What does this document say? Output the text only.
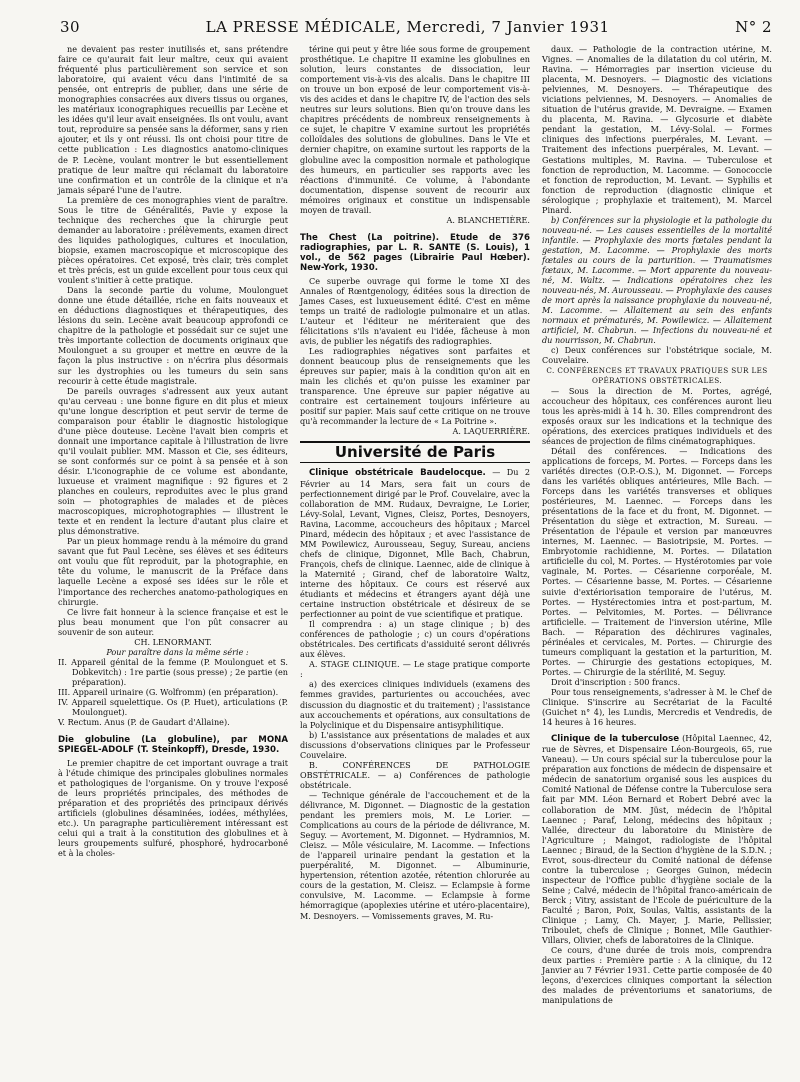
30	LA PRESSE MÉDICALE, Mercredi, 7 Janvier 1931	N° 2

ne devaient pas rester inutilisés et, sans prétendre faire ce qu'aurait fait leur maître, ceux qui avaient fréquenté plus particulièrement son service et son laboratoire, qui avaient vécu dans l'intimité de sa pensée, ont entrepris de publier, dans une série de monographies consacrées aux divers tissus ou organes, les matériaux iconographiques recueillis par Lecène et les idées qu'il leur avait enseignées. Ils ont voulu, avant tout, reproduire sa pensée sans la déformer, sans y rien ajouter, et ils y ont réussi. Ils ont choisi pour titre de cette publication : Les diagnostics anatomo-cliniques de P. Lecène, voulant montrer le but essentiellement pratique de leur maître qui réclamait du laboratoire une confirmation et un contrôle de la clinique et n'a jamais séparé l'une de l'autre.

La première de ces monographies vient de paraître. Sous le titre de Généralités, Pavie y expose la technique des recherches que la chirurgie peut demander au laboratoire : prélèvements, examen direct des liquides pathologiques, cultures et inoculation, biopsie, examen macroscopique et microscopique des pièces opératoires. Cet exposé, très clair, très complet et très précis, est un guide excellent pour tous ceux qui voulent s'initier à cette pratique.

Dans la seconde partie du volume, Moulonguet donne une étude détaillée, riche en faits nouveaux et en déductions diagnostiques et thérapeutiques, des lésions du sein. Lecène avait beaucoup approfondi ce chapitre de la pathologie et possédait sur ce sujet une très importante collection de documents originaux que Moulonguet a su grouper et mettre en œuvre de la façon la plus instructive : on n'écrira plus désormais sur les dystrophies ou les tumeurs du sein sans recourir à cette étude magistrale.

De pareils ouvrages s'adressent aux yeux autant qu'au cerveau : une bonne figure en dit plus et mieux qu'une longue description et peut servir de terme de comparaison pour établir le diagnostic histologique d'une pièce douteuse. Lecène l'avait bien compris et donnait une importance capitale à l'illustration de livre qu'il voulait publier. MM. Masson et Cie, ses éditeurs, se sont conformés sur ce point à sa pensée et à son désir. L'iconographie de ce volume est abondante, luxueuse et vraiment magnifique : 92 figures et 2 planches en couleurs, reproduites avec le plus grand soin — photographies de malades et de pièces macroscopiques, microphotographies — illustrent le texte et en rendent la lecture d'autant plus claire et plus démonstrative.

Par un pieux hommage rendu à la mémoire du grand savant que fut Paul Lecène, ses élèves et ses éditeurs ont voulu que fût reproduit, par la photographie, en tête du volume, le manuscrit de la Préface dans laquelle Lecène a exposé ses idées sur le rôle et l'importance des recherches anatomo-pathologiques en chirurgie.

Ce livre fait honneur à la science française et est le plus beau monument que l'on pût consacrer au souvenir de son auteur.

CH. LENORMANT.

Pour paraître dans la même série :

II. Appareil génital de la femme (P. Moulonguet et S. Dobkevitch) : 1re partie (sous presse) ; 2e partie (en préparation).
III. Appareil urinaire (G. Wolfromm) (en préparation).
IV. Appareil squelettique. Os (P. Huet), articulations (P. Moulonguet).
V. Rectum. Anus (P. de Gaudart d'Allaine).
Die globuline (La globuline), par MONA SPIEGEL-ADOLF (T. Steinkopff), Dresde, 1930.

Le premier chapitre de cet important ouvrage a trait à l'étude chimique des principales globulines normales et pathologiques de l'organisme. On y trouve l'exposé de leurs propriétés principales, des méthodes de préparation et des propriétés des principaux dérivés artificiels (globulines désaminées, iodées, méthylées, etc.). Un paragraphe particulièrement intéressant est celui qui a trait à la constitution des globulines et à leurs groupements sulfuré, phosphoré, hydrocarboné et à la choles-

térine qui peut y être liée sous forme de groupement prosthétique. Le chapitre II examine les globulines en solution, leurs constantes de dissociation, leur comportement vis-à-vis des alcalis. Dans le chapitre III on trouve un bon exposé de leur comportement vis-à-vis des acides et dans le chapitre IV, de l'action des sels neutres sur leurs solutions. Bien qu'on trouve dans les chapitres précédents de nombreux renseignements à ce sujet, le chapitre V examine surtout les propriétés colloïdales des solutions de globulines. Dans le VIe et dernier chapitre, on examine surtout les rapports de la globuline avec la composition normale et pathologique des humeurs, en particulier ses rapports avec les réactions d'immunité. Ce volume, à l'abondante documentation, dispense souvent de recourir aux mémoires originaux et constitue un indispensable moyen de travail.

A. BLANCHETIÈRE.

The Chest (La poitrine). Etude de 376 radiographies, par L. R. SANTE (S. Louis), 1 vol., de 562 pages (Librairie Paul Hœber). New-York, 1930.

Ce superbe ouvrage qui forme le tome XI des Annales of Rœntgenology, éditées sous la direction de James Cases, est luxueusement édité. C'est en même temps un traité de radiologie pulmonaire et un atlas. L'auteur et l'éditeur ne mériteraient que des félicitations s'ils n'avaient eu l'idée, fâcheuse à mon avis, de publier les négatifs des radiographies.

Les radiographies négatives sont parfaites et donnent beaucoup plus de renseignements que les épreuves sur papier, mais à la condition qu'on ait en main les clichés et qu'on puisse les examiner par transparence. Une épreuve sur papier négative au contraire est certainement toujours inférieure au positif sur papier. Mais sauf cette critique on ne trouve qu'à recommander la lecture de « La Poitrine ».

A. LAQUERRIÈRE.

Université de Paris

Clinique obstétricale Baudelocque. — Du 2 Février au 14 Mars, sera fait un cours de perfectionnement dirigé par le Prof. Couvelaire, avec la collaboration de MM. Rudaux, Devraigne, Le Lorier, Lévy-Solal, Levant, Vignes, Cleisz, Portes, Desnoyers, Ravina, Lacomme, accoucheurs des hôpitaux ; Marcel Pinard, médecin des hôpitaux ; et avec l'assistance de MM Powilewicz, Aurousseau, Seguy, Sureau, anciens chefs de clinique, Digonnet, Mlle Bach, Chabrun, François, chefs de clinique. Laennec, aide de clinique à la Maternité ; Girand, chef de laboratoire Waltz, interne des hôpitaux. Ce cours est réservé aux étudiants et médecins et étrangers ayant déjà une certaine instruction obstétricale et désireux de se perfectionner au point de vue scientifique et pratique.

Il comprendra : a) un stage clinique ; b) des conférences de pathologie ; c) un cours d'opérations obstétricales. Des certificats d'assiduité seront délivrés aux élèves.

A. STAGE CLINIQUE. — Le stage pratique comporte :

a) des exercices cliniques individuels (examens des femmes gravides, parturientes ou accouchées, avec discussion du diagnostic et du traitement) ; l'assistance aux accouchements et opérations, aux consultations de la Polyclinique et du Dispensaire antisyphilitique.

b) L'assistance aux présentations de malades et aux discussions d'observations cliniques par le Professeur Couvelaire.

B. CONFÉRENCES DE PATHOLOGIE OBSTÉTRICALE. — a) Conférences de pathologie obstétricale.

— Technique générale de l'accouchement et de la délivrance, M. Digonnet. — Diagnostic de la gestation pendant les premiers mois, M. Le Lorier. — Complications au cours de la période de délivrance, M. Seguy. — Avortement, M. Digonnet. — Hydramnios, M. Cleisz. — Môle vésiculaire, M. Lacomme. — Infections de l'appareil urinaire pendant la gestation et la puerpéralité, M. Digonnet. — Albuminurie, hypertension, rétention azotée, rétention chlorurée au cours de la gestation, M. Cleisz. — Eclampsie à forme convulsive, M. Lacomme. — Eclampsie à forme hémorragique (apoplexies utérine et utéro-placentaire), M. Desnoyers. — Vomissements graves, M. Ru-

daux. — Pathologie de la contraction utérine, M. Vignes. — Anomalies de la dilatation du col utérin, M. Ravina. — Hémorragies par insertion vicieuse du placenta, M. Desnoyers. — Diagnostic des viciations pelviennes, M. Desnoyers. — Thérapeutique des viciations pelviennes, M. Desnoyers. — Anomalies de situation de l'utérus gravide, M. Devraigne. — Examen du placenta, M. Ravina. — Glycosurie et diabète pendant la gestation, M. Lévy-Solal. — Formes cliniques des infections puerpérales, M. Levant. — Traitement des infections puerpérales, M. Levant. — Gestations multiples, M. Ravina. — Tuberculose et fonction de reproduction, M. Lacomme. — Gonococcie et fonction de reproduction, M. Levant. — Syphilis et fonction de reproduction (diagnostic clinique et sérologique ; prophylaxie et traitement), M. Marcel Pinard.

b) Conférences sur la physiologie et la pathologie du nouveau-né. — Les causes essentielles de la mortalité infantile. — Prophylaxie des morts fœtales pendant la gestation, M. Lacomme. — Prophylaxie des morts fœtales au cours de la parturition. — Traumatismes fœtaux, M. Lacomme. — Mort apparente du nouveau-né, M. Waltz. — Indications opératoires chez les nouveau-nés, M. Aurousseau. — Prophylaxie des causes de mort après la naissance prophylaxie du nouveau-né, M. Lacomme. — Allaitement au sein des enfants normaux et prématurés, M. Powilewicz. — Allaitement artificiel, M. Chabrun. — Infections du nouveau-né et du nourrisson, M. Chabrun.

c) Deux conférences sur l'obstétrique sociale, M. Couvelaire.

C. CONFÉRENCES ET TRAVAUX PRATIQUES SUR LES OPÉRATIONS OBSTÉTRICALES.

— Sous la direction de M. Portes, agrégé, accoucheur des hôpitaux, ces conférences auront lieu tous les après-midi à 14 h. 30. Elles comprendront des exposés oraux sur les indications et la technique des opérations, des exercices pratiques individuels et des séances de projection de films cinématographiques.

Détail des conférences. — Indications des applications de forceps, M. Portes. — Forceps dans les variétés directes (O.P.-O.S.), M. Digonnet. — Forceps dans les variétés obliques antérieures, Mlle Bach. — Forceps dans les variétés transverses et obliques postérieures, M. Laennec. — Forceps dans les présentations de la face et du front, M. Digonnet. — Présentation du siège et extraction, M. Sureau. — Présentation de l'épaule et version par manœuvres internes, M. Laennec. — Basiotripsie, M. Portes. — Embryotomie rachidienne, M. Portes. — Dilatation artificielle du col, M. Portes. — Hystérotomies par voie vaginale, M. Portes. — Césarienne corporéale, M. Portes. — Césarienne basse, M. Portes. — Césarienne suivie d'extériorisation temporaire de l'utérus, M. Portes. — Hystérectomies intra et post-partum, M. Portes. — Pelvitomies, M. Portes. — Délivrance artificielle. — Traitement de l'inversion utérine, Mlle Bach. — Réparation des déchirures vaginales, périnéales et cervicales, M. Portes. — Chirurgie des tumeurs compliquant la gestation et la parturition, M. Portes. — Chirurgie des gestations ectopiques, M. Portes. — Chirurgie de la stérilité, M. Seguy.

Droit d'inscription : 500 francs.

Pour tous renseignements, s'adresser à M. le Chef de Clinique. S'inscrire au Secrétariat de la Faculté (Guichet n° 4), les Lundis, Mercredis et Vendredis, de 14 heures à 16 heures.

Clinique de la tuberculose (Hôpital Laennec, 42, rue de Sèvres, et Dispensaire Léon-Bourgeois, 65, rue Vaneau). — Un cours spécial sur la tuberculose pour la préparation aux fonctions de médecin de dispensaire et médecin de sanatorium organisé sous les auspices du Comité National de Défense contre la Tuberculose sera fait par MM. Léon Bernard et Robert Debré avec la collaboration de MM. Jüst, médecin de l'hôpital Laennec ; Paraf, Lelong, médecins des hôpitaux ; Vallée, directeur du laboratoire du Ministère de l'Agriculture ; Maingot, radiologiste de l'hôpital Laennec ; Biraud, de la Section d'hygiène de la S.D.N. ; Evrot, sous-directeur du Comité national de défense contre la tuberculose ; Georges Guinon, médecin inspecteur de l'Office public d'hygiène sociale de la Seine ; Calvé, médecin de l'hôpital franco-américain de Berck ; Vitry, assistant de l'Ecole de puériculture de la Faculté ; Baron, Poix, Soulas, Valtis, assistants de la Clinique ; Lamy, Ch. Mayer, J. Marie, Pellissier, Triboulet, chefs de Clinique ; Bonnet, Mlle Gauthier-Villars, Olivier, chefs de laboratoires de la Clinique.

Ce cours, d'une durée de trois mois, comprendra deux parties : Première partie : A la clinique, du 12 Janvier au 7 Février 1931. Cette partie composée de 40 leçons, d'exercices cliniques comportant la sélection des malades de préventoriums et sanatoriums, de manipulations de
